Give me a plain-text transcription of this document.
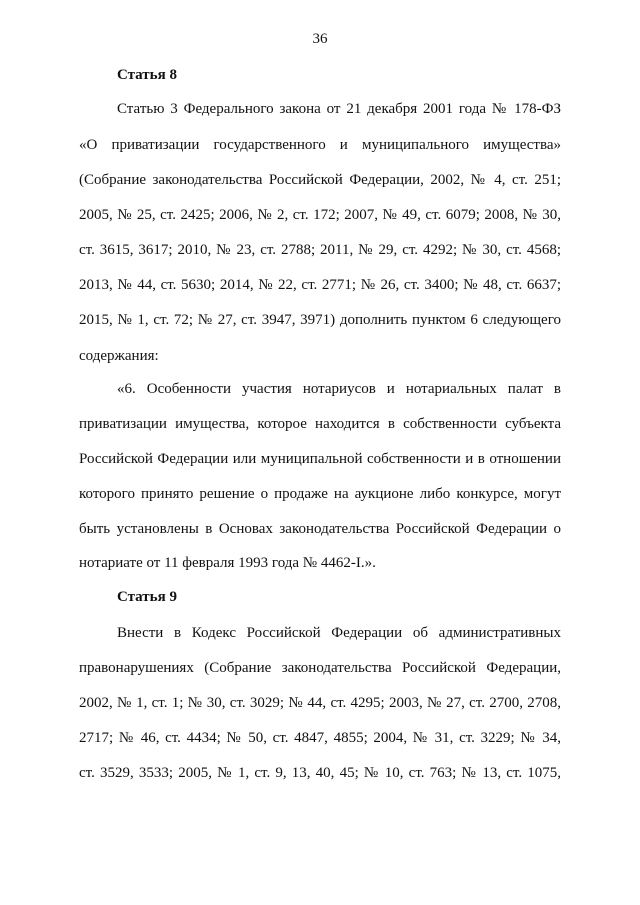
36
Статья 8
Статью 3 Федерального закона от 21 декабря 2001 года № 178-ФЗ
«О приватизации государственного и муниципального имущества»
(Собрание законодательства Российской Федерации, 2002, № 4, ст. 251;
2005, № 25, ст. 2425; 2006, № 2, ст. 172; 2007, № 49, ст. 6079; 2008, № 30,
ст. 3615, 3617; 2010, № 23, ст. 2788; 2011, № 29, ст. 4292; № 30, ст. 4568;
2013, № 44, ст. 5630; 2014, № 22, ст. 2771; № 26, ст. 3400; № 48, ст. 6637;
2015, № 1, ст. 72; № 27, ст. 3947, 3971) дополнить пунктом 6 следующего
содержания:
«6. Особенности участия нотариусов и нотариальных палат в
приватизации имущества, которое находится в собственности субъекта
Российской Федерации или муниципальной собственности и в отношении
которого принято решение о продаже на аукционе либо конкурсе, могут
быть установлены в Основах законодательства Российской Федерации о
нотариате от 11 февраля 1993 года № 4462-I.».
Статья 9
Внести в Кодекс Российской Федерации об административных
правонарушениях (Собрание законодательства Российской Федерации,
2002, № 1, ст. 1; № 30, ст. 3029; № 44, ст. 4295; 2003, № 27, ст. 2700, 2708,
2717; № 46, ст. 4434; № 50, ст. 4847, 4855; 2004, № 31, ст. 3229; № 34,
ст. 3529, 3533; 2005, № 1, ст. 9, 13, 40, 45; № 10, ст. 763; № 13, ст. 1075,
